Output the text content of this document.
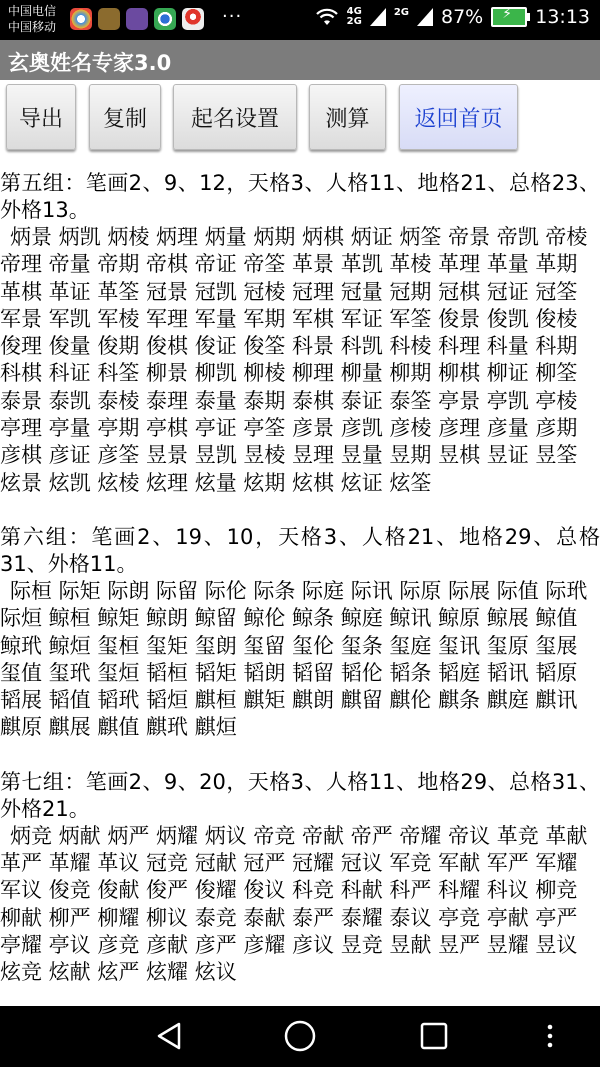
中国电信
中国移动	···	4G
2G
2G 87% ⚡ 13:13
玄奥姓名专家3.0
导出	复制	起名设置	测算	返回首页
第五组：笔画2、9、12，天格3、人格11、地格21、总格23、外格13。
炳景 炳凯 炳棱 炳理 炳量 炳期 炳棋 炳证 炳筌 帝景 帝凯 帝棱 帝理 帝量 帝期 帝棋 帝证 帝筌 革景 革凯 革棱 革理 革量 革期 革棋 革证 革筌 冠景 冠凯 冠棱 冠理 冠量 冠期 冠棋 冠证 冠筌 军景 军凯 军棱 军理 军量 军期 军棋 军证 军筌 俊景 俊凯 俊棱 俊理 俊量 俊期 俊棋 俊证 俊筌 科景 科凯 科棱 科理 科量 科期 科棋 科证 科筌 柳景 柳凯 柳棱 柳理 柳量 柳期 柳棋 柳证 柳筌 泰景 泰凯 泰棱 泰理 泰量 泰期 泰棋 泰证 泰筌 亭景 亭凯 亭棱 亭理 亭量 亭期 亭棋 亭证 亭筌 彦景 彦凯 彦棱 彦理 彦量 彦期 彦棋 彦证 彦筌 昱景 昱凯 昱棱 昱理 昱量 昱期 昱棋 昱证 昱筌 炫景 炫凯 炫棱 炫理 炫量 炫期 炫棋 炫证 炫筌
第六组：笔画2、19、10，天格3、人格21、地格29、总格31、外格11。
际桓 际矩 际朗 际留 际伦 际条 际庭 际讯 际原 际展 际值 际玳 际烜 鲸桓 鲸矩 鲸朗 鲸留 鲸伦 鲸条 鲸庭 鲸讯 鲸原 鲸展 鲸值 鲸玳 鲸烜 玺桓 玺矩 玺朗 玺留 玺伦 玺条 玺庭 玺讯 玺原 玺展 玺值 玺玳 玺烜 韬桓 韬矩 韬朗 韬留 韬伦 韬条 韬庭 韬讯 韬原 韬展 韬值 韬玳 韬烜 麒桓 麒矩 麒朗 麒留 麒伦 麒条 麒庭 麒讯 麒原 麒展 麒值 麒玳 麒烜
第七组：笔画2、9、20，天格3、人格11、地格29、总格31、外格21。
炳竞 炳献 炳严 炳耀 炳议 帝竞 帝献 帝严 帝耀 帝议 革竞 革献 革严 革耀 革议 冠竞 冠献 冠严 冠耀 冠议 军竞 军献 军严 军耀 军议 俊竞 俊献 俊严 俊耀 俊议 科竞 科献 科严 科耀 科议 柳竞 柳献 柳严 柳耀 柳议 泰竞 泰献 泰严 泰耀 泰议 亭竞 亭献 亭严 亭耀 亭议 彦竞 彦献 彦严 彦耀 彦议 昱竞 昱献 昱严 昱耀 昱议 炫竞 炫献 炫严 炫耀 炫议
